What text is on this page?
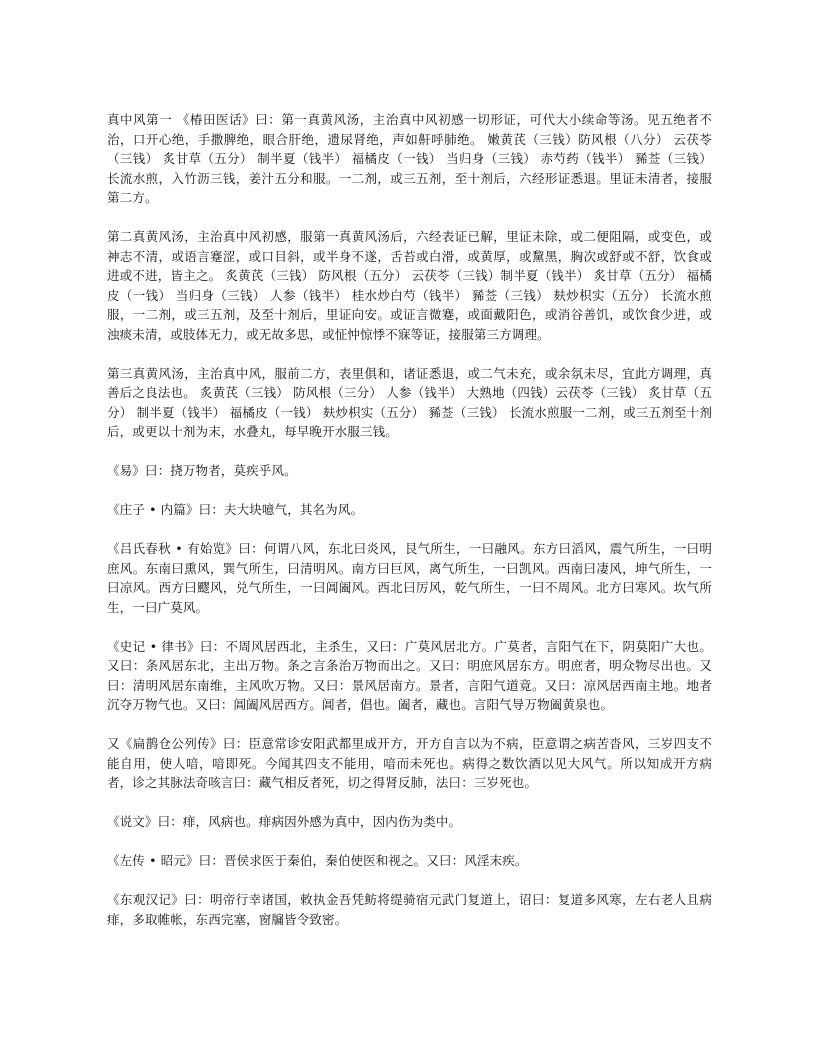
真中风第一 《椿田医话》曰：第一真黄风汤，主治真中风初感一切形证，可代大小续命等汤。见五绝者不治，口开心绝，手撒脾绝，眼合肝绝，遗尿肾绝，声如鼾呼肺绝。 嫩黄芪（三钱）防风根（八分） 云茯苓（三钱） 炙甘草（五分） 制半夏（钱半） 福橘皮（一钱） 当归身（三钱） 赤芍药（钱半） 豨莶（三钱） 长流水煎，入竹沥三钱，姜汁五分和服。一二剂，或三五剂，至十剂后，六经形证悉退。里证未清者，接服第二方。

第二真黄风汤，主治真中风初感，服第一真黄风汤后，六经表证已解，里证未除，或二便阻隔，或变色，或神志不清，或语言蹇涩，或口目斜，或半身不遂，舌苔或白滑，或黄厚，或黧黑，胸次或舒或不舒，饮食或进或不进，皆主之。 炙黄芪（三钱） 防风根（五分） 云茯苓（三钱）制半夏（钱半） 炙甘草（五分） 福橘皮（一钱） 当归身（三钱） 人参（钱半） 桂水炒白芍（钱半） 豨莶（三钱） 麸炒枳实（五分） 长流水煎服，一二剂，或三五剂，及至十剂后，里证向安。或证言微蹇，或面戴阳色，或消谷善饥，或饮食少进，或浊痰未清，或肢体无力，或无故多思，或怔忡惊悸不寐等证，接服第三方调理。

第三真黄风汤，主治真中风，服前二方，表里俱和，诸证悉退，或二气未充，或余氛未尽，宜此方调理，真善后之良法也。 炙黄芪（三钱） 防风根（三分） 人参（钱半） 大熟地（四钱）云茯苓（三钱） 炙甘草（五分） 制半夏（钱半） 福橘皮（一钱） 麸炒枳实（五分） 豨莶（三钱） 长流水煎服一二剂，或三五剂至十剂后，或更以十剂为末，水叠丸，每早晚开水服三钱。

《易》曰：挠万物者，莫疾乎风。

《庄子 • 内篇》曰：夫大块噫气，其名为风。

《吕氏春秋 • 有始览》曰：何谓八风，东北曰炎风，艮气所生，一曰融风。东方曰滔风，震气所生，一曰明庶风。东南曰熏风，巽气所生，曰清明风。南方曰巨风，离气所生，一曰凯风。西南曰凄风，坤气所生，一曰凉风。西方曰飂风，兑气所生，一曰阊阖风。西北曰厉风，乾气所生，一曰不周风。北方曰寒风。坎气所生，一曰广莫风。

《史记 • 律书》曰：不周风居西北，主杀生，又曰：广莫风居北方。广莫者，言阳气在下，阴莫阳广大也。又曰：条风居东北，主出万物。条之言条治万物而出之。又曰：明庶风居东方。明庶者，明众物尽出也。又曰：清明风居东南维，主风吹万物。又曰：景风居南方。景者，言阳气道竟。又曰：凉风居西南主地。地者沉夺万物气也。又曰：阊阖风居西方。阊者，倡也。阖者，藏也。言阳气导万物阖黄泉也。

又《扁鹊仓公列传》曰：臣意常诊安阳武都里成开方，开方自言以为不病，臣意谓之病苦沓风，三岁四支不能自用，使人喑，喑即死。今闻其四支不能用，喑而未死也。病得之数饮酒以见大风气。所以知成开方病者，诊之其脉法奇咳言曰：藏气相反者死，切之得肾反肺，法曰：三岁死也。

《说文》曰：痱，风病也。痱病因外感为真中，因内伤为类中。

《左传 • 昭元》曰：晋侯求医于秦伯，秦伯使医和视之。又曰：风淫末疾。

《东观汉记》曰：明帝行幸诸国，敕执金吾凭鲂将缇骑宿元武门复道上，诏曰：复道多风寒，左右老人且病痱，多取帷帐，东西完塞，窗牖皆令致密。
